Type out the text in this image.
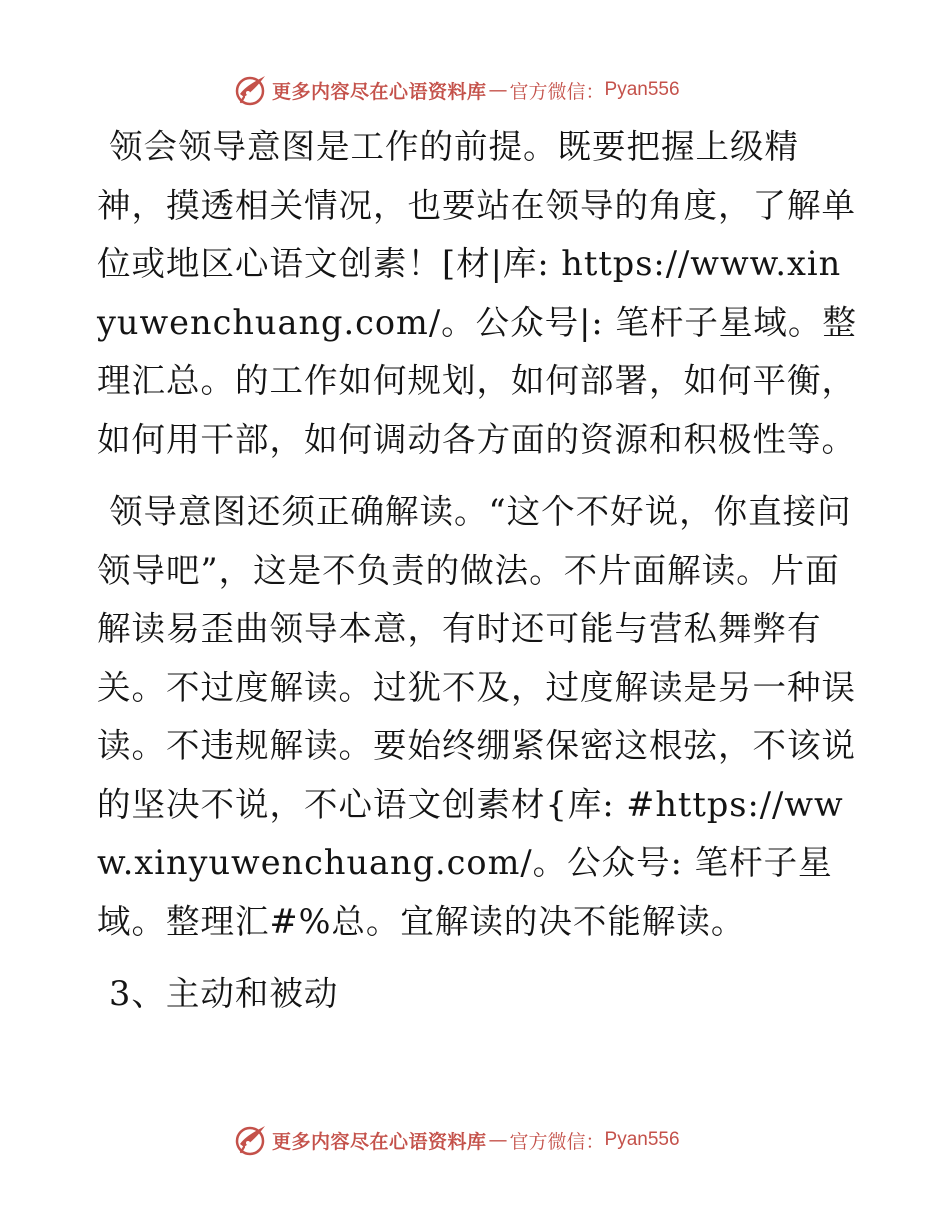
更多内容尽在心语资料库 — 官方微信： Pyan556

领会领导意图是工作的前提。既要把握上级精神，摸透相关情况，也要站在领导的角度，了解单位或地区心语文创素！[材|库: https://www.xinyuwenchuang.com/。公众号|: 笔杆子星域。整理汇总。的工作如何规划，如何部署，如何平衡，如何用干部，如何调动各方面的资源和积极性等。

领导意图还须正确解读。“这个不好说，你直接问领导吧”，这是不负责的做法。不片面解读。片面解读易歪曲领导本意，有时还可能与营私舞弊有关。不过度解读。过犹不及，过度解读是另一种误读。不违规解读。要始终绷紧保密这根弦，不该说的坚决不说，不心语文创素材{库: #https://www.xinyuwenchuang.com/。公众号: 笔杆子星域。整理汇#%总。宜解读的决不能解读。

3、主动和被动

更多内容尽在心语资料库 — 官方微信： Pyan556
